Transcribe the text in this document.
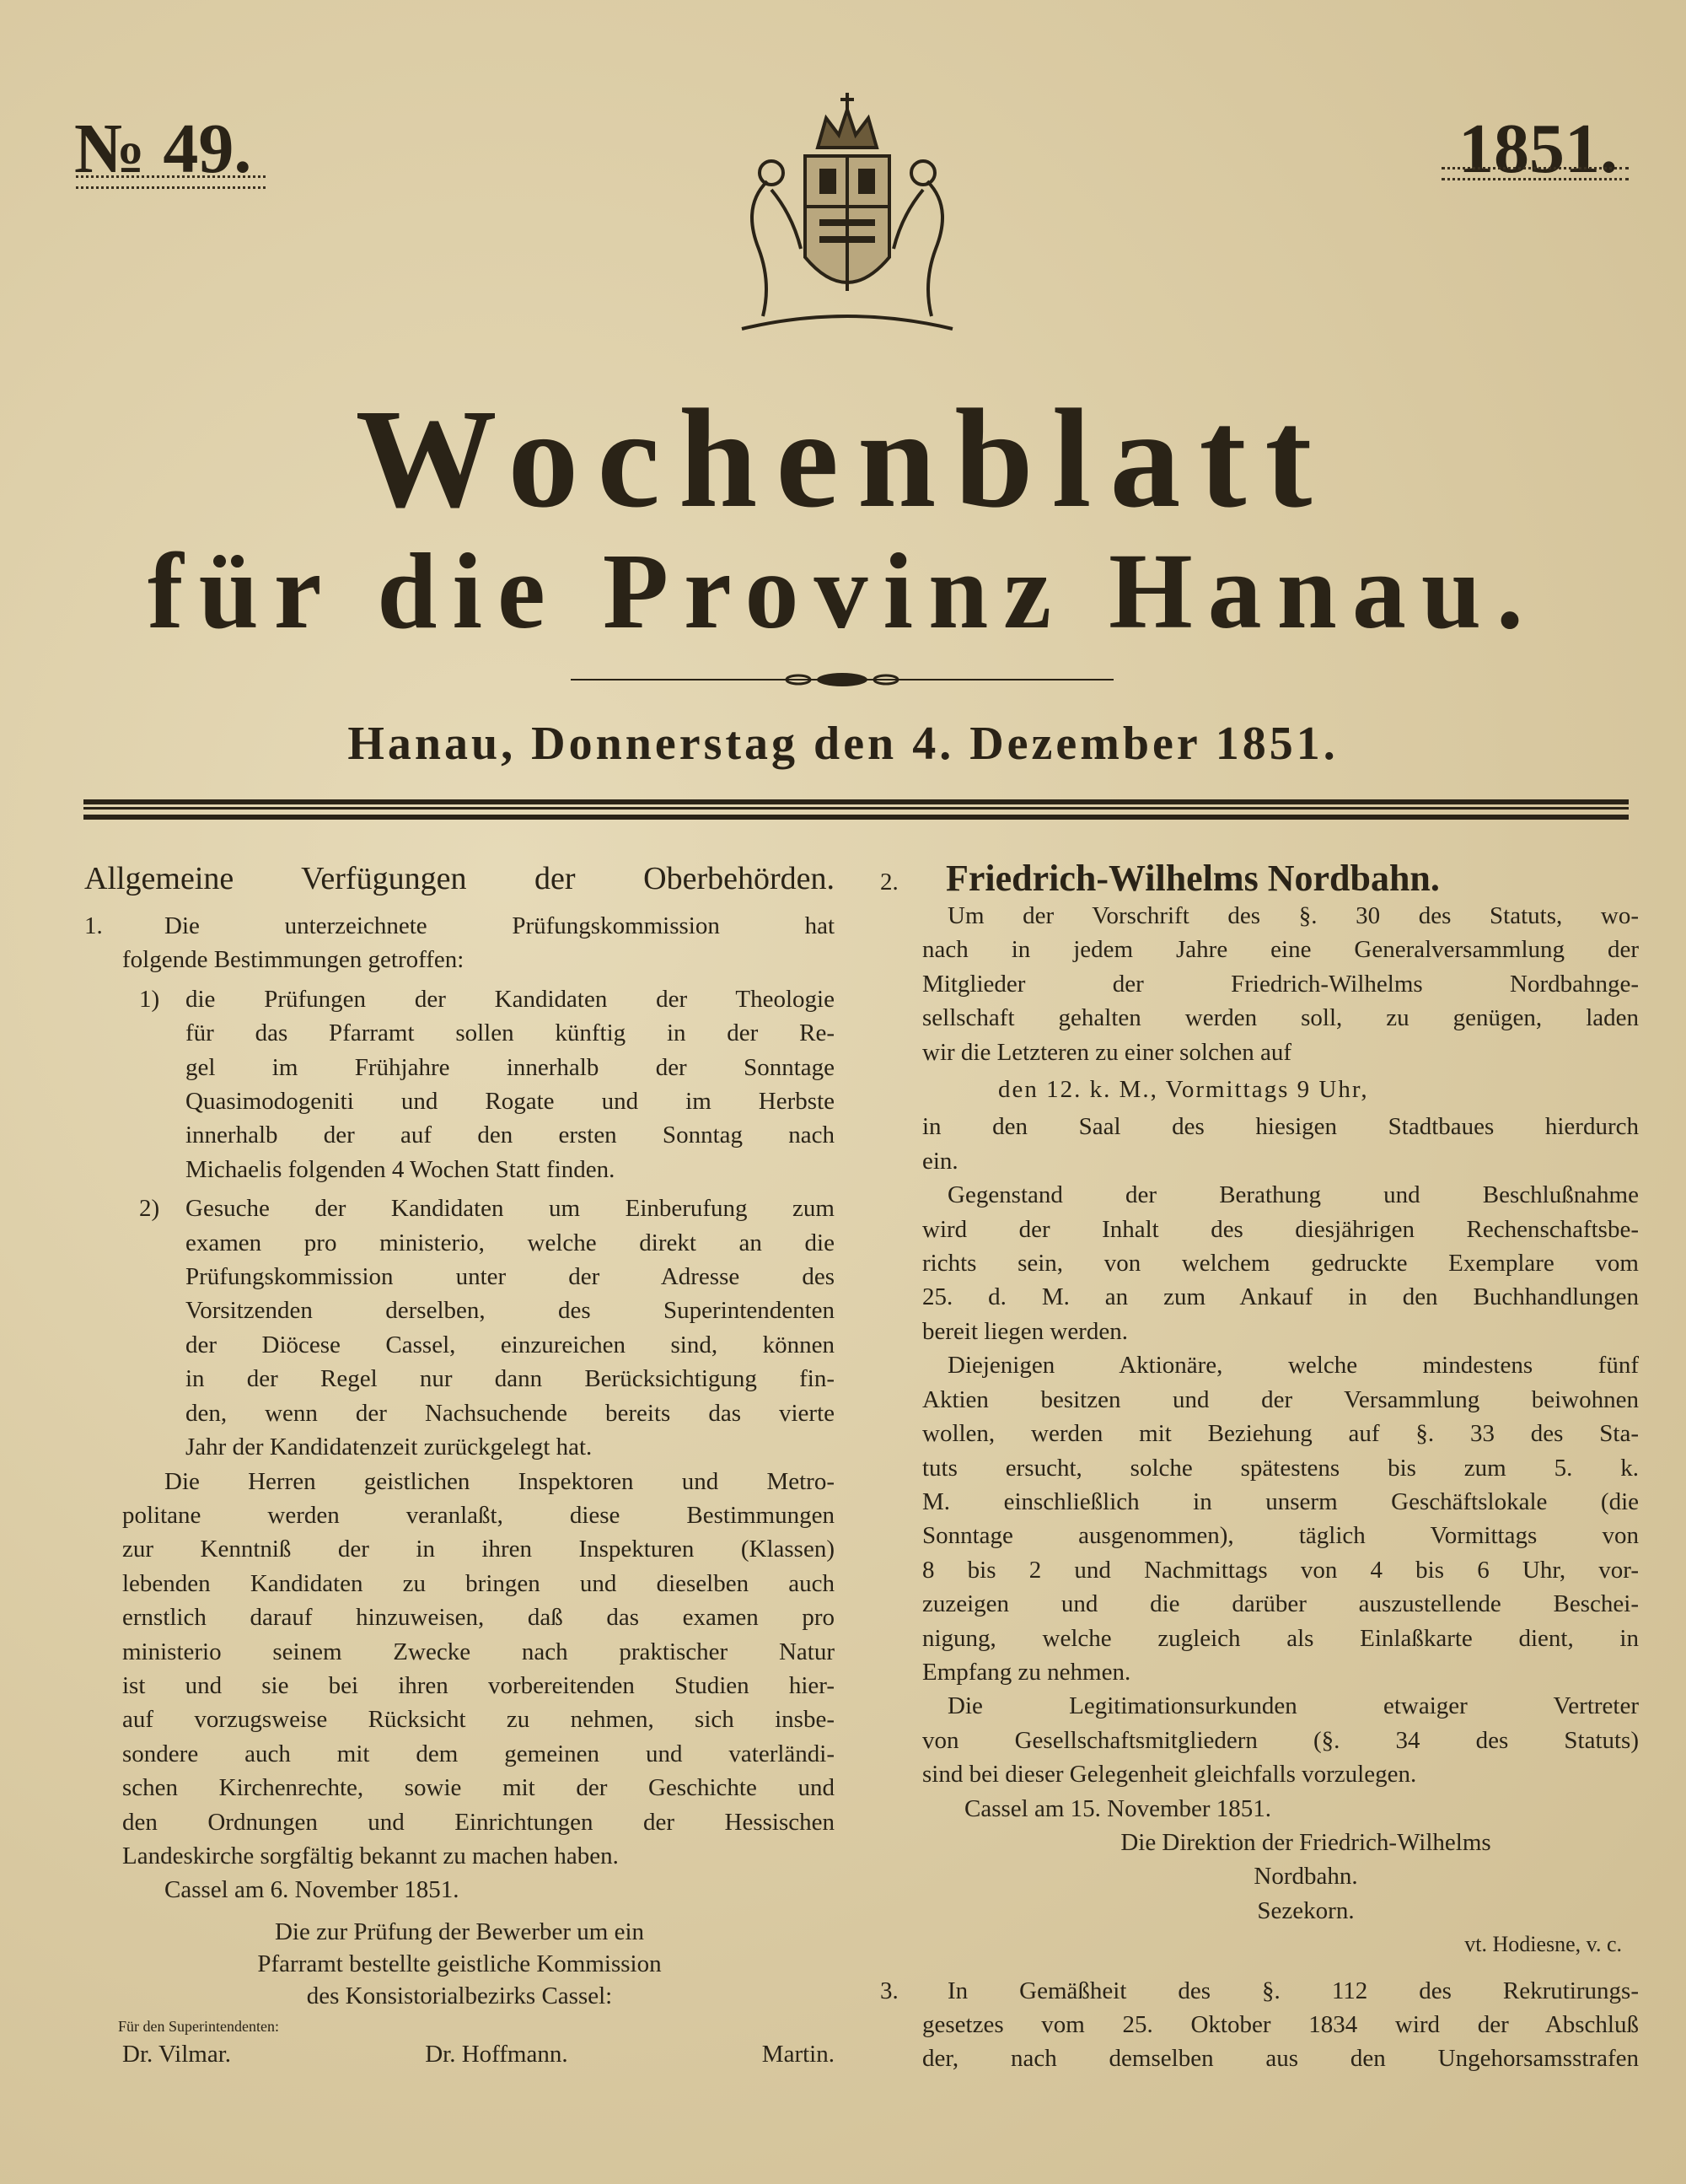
№ 49.	1851.
Wochenblatt
für die Provinz Hanau.
Hanau, Donnerstag den 4. Dezember 1851.
Allgemeine Verfügungen der Oberbehörden.
1.	Die unterzeichnete Prüfungskommission hat
folgende Bestimmungen getroffen:
1) die Prüfungen der Kandidaten der Theologie
für das Pfarramt sollen künftig in der Re-
gel im Frühjahre innerhalb der Sonntage
Quasimodogeniti und Rogate und im Herbste
innerhalb der auf den ersten Sonntag nach
Michaelis folgenden 4 Wochen Statt finden.
2) Gesuche der Kandidaten um Einberufung zum
examen pro ministerio, welche direkt an die
Prüfungskommission unter der Adresse des
Vorsitzenden derselben, des Superintendenten
der Diöcese Cassel, einzureichen sind, können
in der Regel nur dann Berücksichtigung fin-
den, wenn der Nachsuchende bereits das vierte
Jahr der Kandidatenzeit zurückgelegt hat.
Die Herren geistlichen Inspektoren und Metro-
politane werden veranlaßt, diese Bestimmungen
zur Kenntniß der in ihren Inspekturen (Klassen)
lebenden Kandidaten zu bringen und dieselben auch
ernstlich darauf hinzuweisen, daß das examen pro
ministerio seinem Zwecke nach praktischer Natur
ist und sie bei ihren vorbereitenden Studien hier-
auf vorzugsweise Rücksicht zu nehmen, sich insbe-
sondere auch mit dem gemeinen und vaterländi-
schen Kirchenrechte, sowie mit der Geschichte und
den Ordnungen und Einrichtungen der Hessischen
Landeskirche sorgfältig bekannt zu machen haben.
Cassel am 6. November 1851.
Die zur Prüfung der Bewerber um ein
Pfarramt bestellte geistliche Kommission
des Konsistorialbezirks Cassel:
Für den Superintendenten:
Dr. Vilmar.	Dr. Hoffmann.	Martin.
2.	Friedrich-Wilhelms Nordbahn.
Um der Vorschrift des §. 30 des Statuts, wo-
nach in jedem Jahre eine Generalversammlung der
Mitglieder der Friedrich-Wilhelms Nordbahnge-
sellschaft gehalten werden soll, zu genügen, laden
wir die Letzteren zu einer solchen auf
den 12. k. M., Vormittags 9 Uhr,
in den Saal des hiesigen Stadtbaues hierdurch
ein.
Gegenstand der Berathung und Beschlußnahme
wird der Inhalt des diesjährigen Rechenschaftsbe-
richts sein, von welchem gedruckte Exemplare vom
25. d. M. an zum Ankauf in den Buchhandlungen
bereit liegen werden.
Diejenigen Aktionäre, welche mindestens fünf
Aktien besitzen und der Versammlung beiwohnen
wollen, werden mit Beziehung auf §. 33 des Sta-
tuts ersucht, solche spätestens bis zum 5. k.
M. einschließlich in unserm Geschäftslokale (die
Sonntage ausgenommen), täglich Vormittags von
8 bis 2 und Nachmittags von 4 bis 6 Uhr, vor-
zuzeigen und die darüber auszustellende Beschei-
nigung, welche zugleich als Einlaßkarte dient, in
Empfang zu nehmen.
Die Legitimationsurkunden etwaiger Vertreter
von Gesellschaftsmitgliedern (§. 34 des Statuts)
sind bei dieser Gelegenheit gleichfalls vorzulegen.
Cassel am 15. November 1851.
Die Direktion der Friedrich-Wilhelms
Nordbahn.
Sezekorn.
vt. Hodiesne, v. c.
3.	In Gemäßheit des §. 112 des Rekrutirungs-
gesetzes vom 25. Oktober 1834 wird der Abschluß
der, nach demselben aus den Ungehorsamsstrafen
